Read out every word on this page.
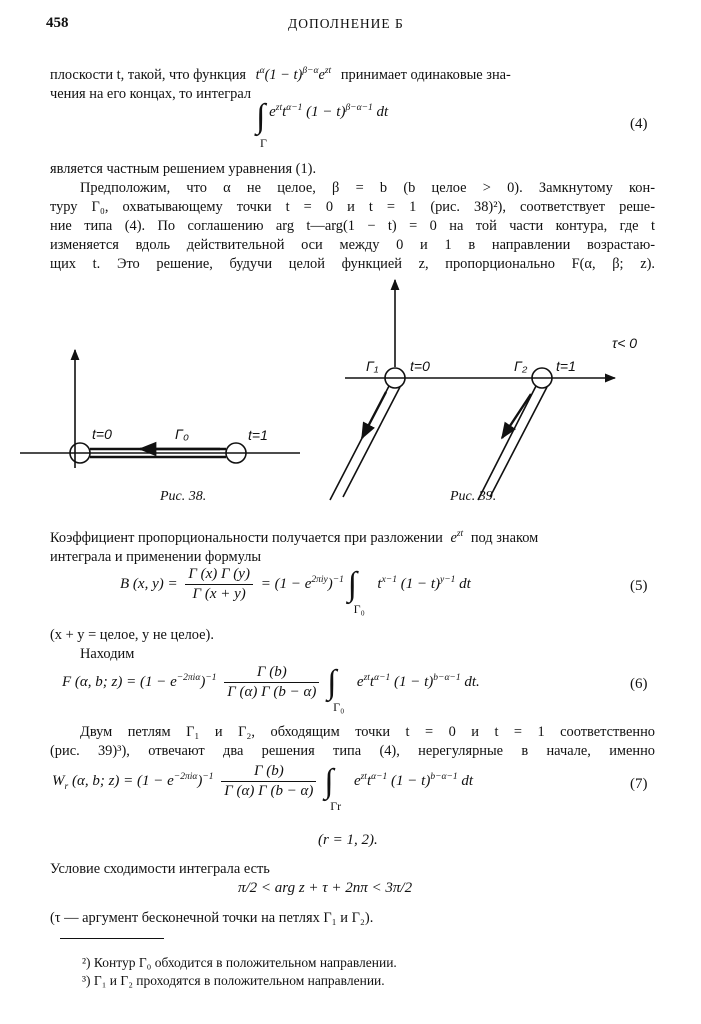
458	ДОПОЛНЕНИЕ Б
плоскости t, такой, что функция $t^\alpha(1 - t)^{\beta-\alpha}e^{zt}$ принимает одинаковые зна-
чения на его концах, то интеграл
∫ $e^{zt}t^{\alpha-1}$ $(1 - t)^{\beta-\alpha-1}$ dt
Γ
(4)
является частным решением уравнения (1).
Предположим, что α не целое, β = b (b целое > 0). Замкнутому кон-
туру Γ₀, охватывающему точки t = 0 и t = 1 (рис. 38)²), соответствует реше-
ние типа (4). По соглашению arg t—arg(1 − t) = 0 на той части контура, где t
изменяется вдоль действительной оси между 0 и 1 в направлении возрастаю-
щих t. Это решение, будучи целой функцией z, пропорционально F(α, β; z).
t=0	Γ₀	t=1
Рис. 38.
Γ₁ t=0	Γ₂ t=1
τ< 0
Рис. 39.
Коэффициент пропорциональности получается при разложении $e^{zt}$ под знаком
интеграла и применении формулы
B (x, $y) = \frac{\Gamma (x) \Gamma (y)}{\Gamma (x + y)} = (1 - e^{2\pi iy})^{-1}$ ∫
Γ₀
$t^{x-1}$ $(1 - t)^{y-1}$ dt	(5)
(x + y = целое, y не целое).
Находим
F (α, b; $z) = (1 - e^{-2\pi i\alpha})^{-1} \frac{\Gamma (b)}{\Gamma (\alpha) \Gamma (b - \alpha)}$ ∫
Γ₀
$e^{zt}t^{\alpha-1}$ $(1 - t)^{b-\alpha-1}$ dt.	(6)
Двум петлям Γ₁ и Γ₂, обходящим точки t = 0 и t = 1 соответственно
(рис. 39)³), отвечают два решения типа (4), нерегулярные в начале, именно
$W_r$ (α, b; $z) = (1 - e^{-2\pi i\alpha})^{-1} \frac{\Gamma (b)}{\Gamma (\alpha) \Gamma (b - \alpha)}$ ∫
Γr
$e^{zt}t^{\alpha-1}$ $(1 - t)^{b-\alpha-1}$ dt	(7)
(r = 1, 2).
Условие сходимости интеграла есть
π/2 < arg z + τ + 2nπ < 3π/2
(τ — аргумент бесконечной точки на петлях Γ₁ и Γ₂).
²) Контур Γ₀ обходится в положительном направлении.
³) Γ₁ и Γ₂ проходятся в положительном направлении.
